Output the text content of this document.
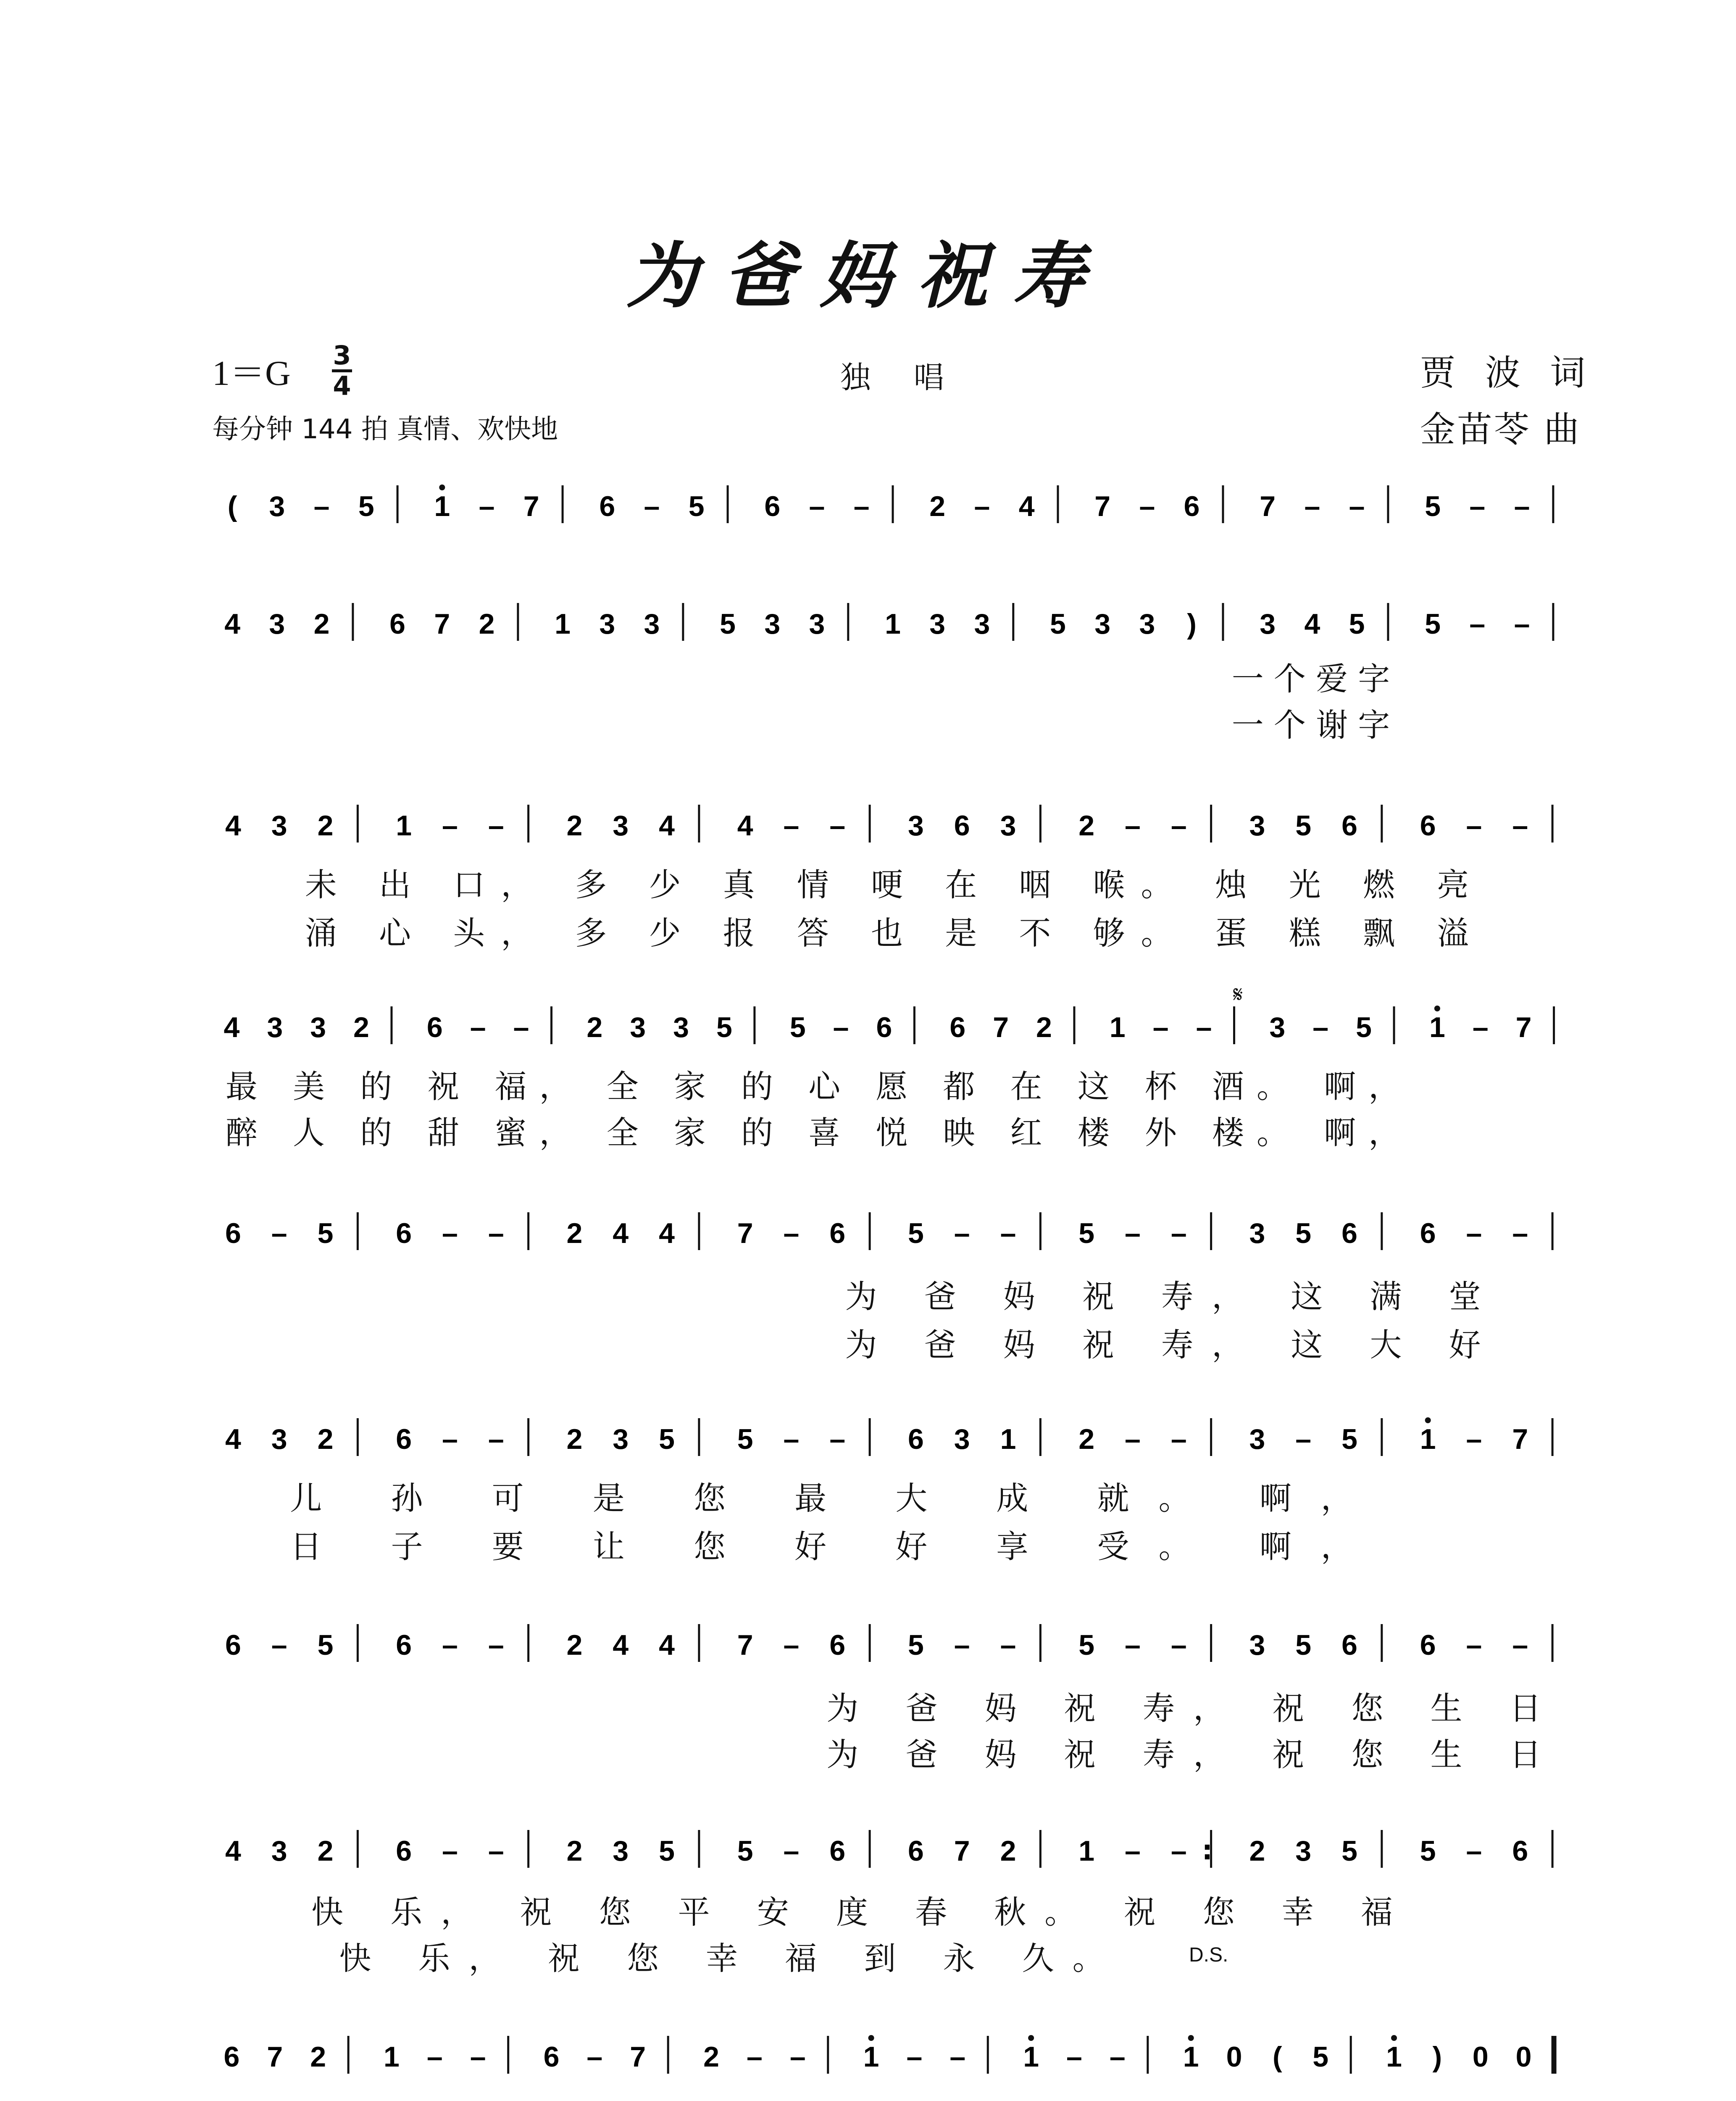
为爸妈祝寿
1＝G 3
4	独 唱	贾 波 词
金苗苓 曲
每分钟 144 拍 真情、欢快地
( 3 – 5 1 – 7 6 – 5 6 – – 2 – 4 7 – 6 7 – – 5 – –
4 3 2 6 7 2 1 3 3 5 3 3 1 3 3 5 3 3 ) 3 4 5 5 – –
4 3 2 1 – – 2 3 4 4 – – 3 6 3 2 – – 3 5 6 6 – –
4 3 3 2 6 – – 2 3 3 5 5 – 6 6 7 2 1 – – 3 – 5 1 – 7
6 – 5 6 – – 2 4 4 7 – 6 5 – – 5 – – 3 5 6 6 – –
4 3 2 6 – – 2 3 5 5 – – 6 3 1 2 – – 3 – 5 1 – 7
6 – 5 6 – – 2 4 4 7 – 6 5 – – 5 – – 3 5 6 6 – –
4 3 2 6 – – 2 3 5 5 – 6 6 7 2 1 – – : 2 3 5 5 – 6
6 7 2 1 – – 6 – 7 2 – – 1 – – 1 – – 1 0 ( 5 1 ) 0 0
一 个 爱 字
一 个 谢 字
未 出 口， 多 少 真 情 哽 在 咽 喉。 烛 光 燃 亮
涌 心 头， 多 少 报 答 也 是 不 够。 蛋 糕 飘 溢
最 美 的 祝 福， 全 家 的 心 愿 都 在 这 杯 酒。 啊，
醉 人 的 甜 蜜， 全 家 的 喜 悦 映 红 楼 外 楼。 啊，
为 爸 妈 祝 寿， 这 满 堂
为 爸 妈 祝 寿， 这 大 好
儿 孙 可 是 您 最 大 成 就。 啊，
日 子 要 让 您 好 好 享 受。 啊，
为 爸 妈 祝 寿， 祝 您 生 日
为 爸 妈 祝 寿， 祝 您 生 日
快 乐， 祝 您 平 安 度 春 秋。 祝 您 幸 福
快 乐， 祝 您 幸 福 到 永 久。	D.S.
𝄋
